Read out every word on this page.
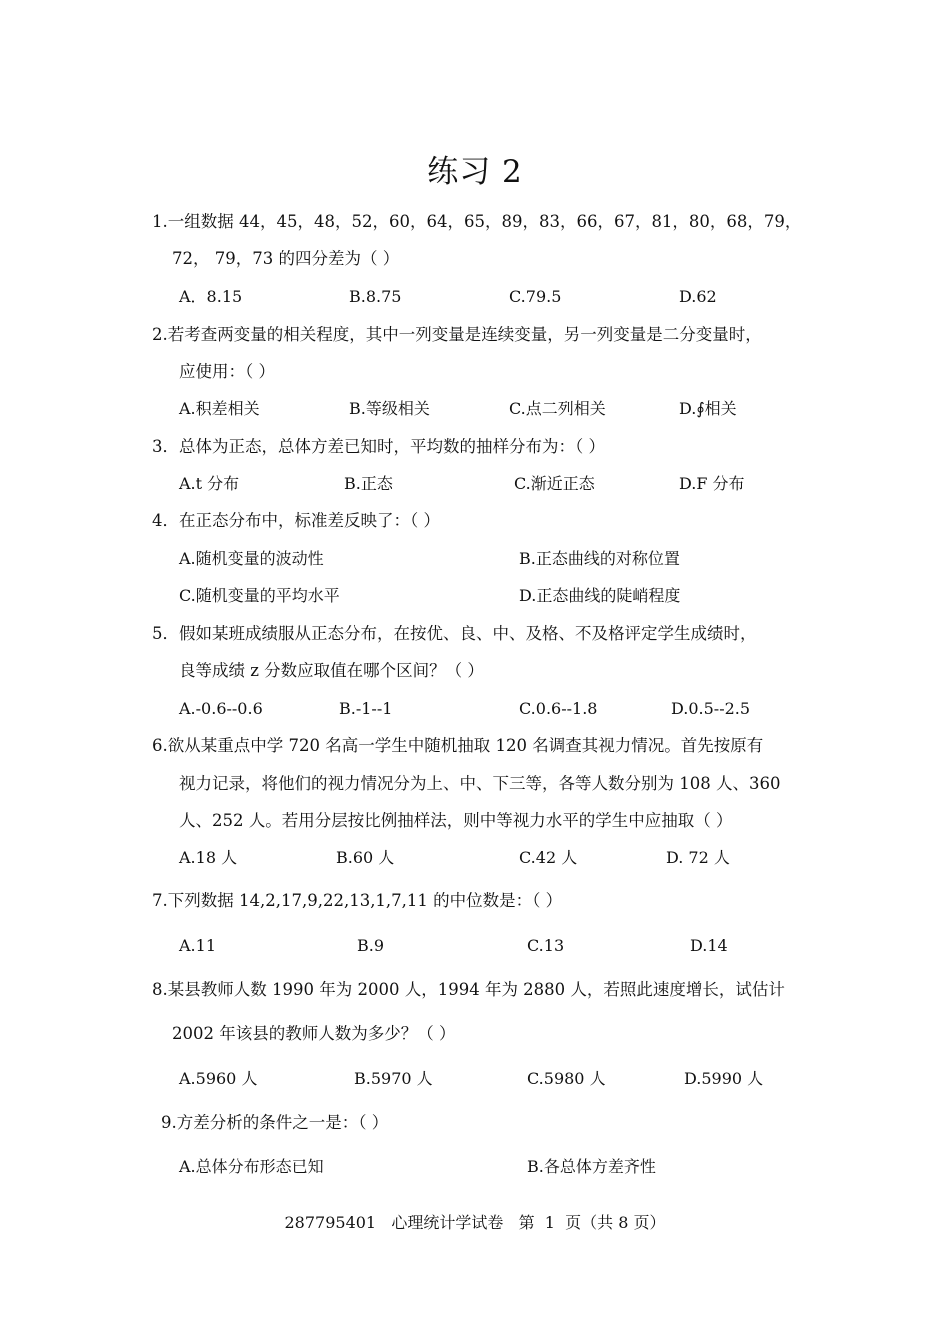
练习 2
1.一组数据 44，45，48，52，60，64，65，89，83，66，67，81，80，68，79，
72， 79，73 的四分差为（ ）
A．8.15	B.8.75	C.79.5	D.62
2.若考查两变量的相关程度，其中一列变量是连续变量，另一列变量是二分变量时，
应使用：（ ）
A.积差相关	B.等级相关	C.点二列相关	D.∮相关
3．总体为正态，总体方差已知时，平均数的抽样分布为：（ ）
A.t 分布	B.正态	C.渐近正态	D.F 分布
4．在正态分布中，标准差反映了：（ ）
A.随机变量的波动性	B.正态曲线的对称位置
C.随机变量的平均水平	D.正态曲线的陡峭程度
5．假如某班成绩服从正态分布，在按优、良、中、及格、不及格评定学生成绩时，
良等成绩 z 分数应取值在哪个区间？（ ）
A.-0.6--0.6	B.-1--1	C.0.6--1.8	D.0.5--2.5
6.欲从某重点中学 720 名高一学生中随机抽取 120 名调查其视力情况。首先按原有
视力记录，将他们的视力情况分为上、中、下三等，各等人数分别为 108 人、360
人、252 人。若用分层按比例抽样法，则中等视力水平的学生中应抽取（ ）
A.18 人	B.60 人	C.42 人	D. 72 人
7.下列数据 14,2,17,9,22,13,1,7,11 的中位数是：（ ）
A.11	B.9	C.13	D.14
8.某县教师人数 1990 年为 2000 人，1994 年为 2880 人，若照此速度增长，试估计
2002 年该县的教师人数为多少？（ ）
A.5960 人	B.5970 人	C.5980 人	D.5990 人
9.方差分析的条件之一是：（ ）
A.总体分布形态已知	B.各总体方差齐性
287795401   心理统计学试卷   第  1  页（共 8 页）
